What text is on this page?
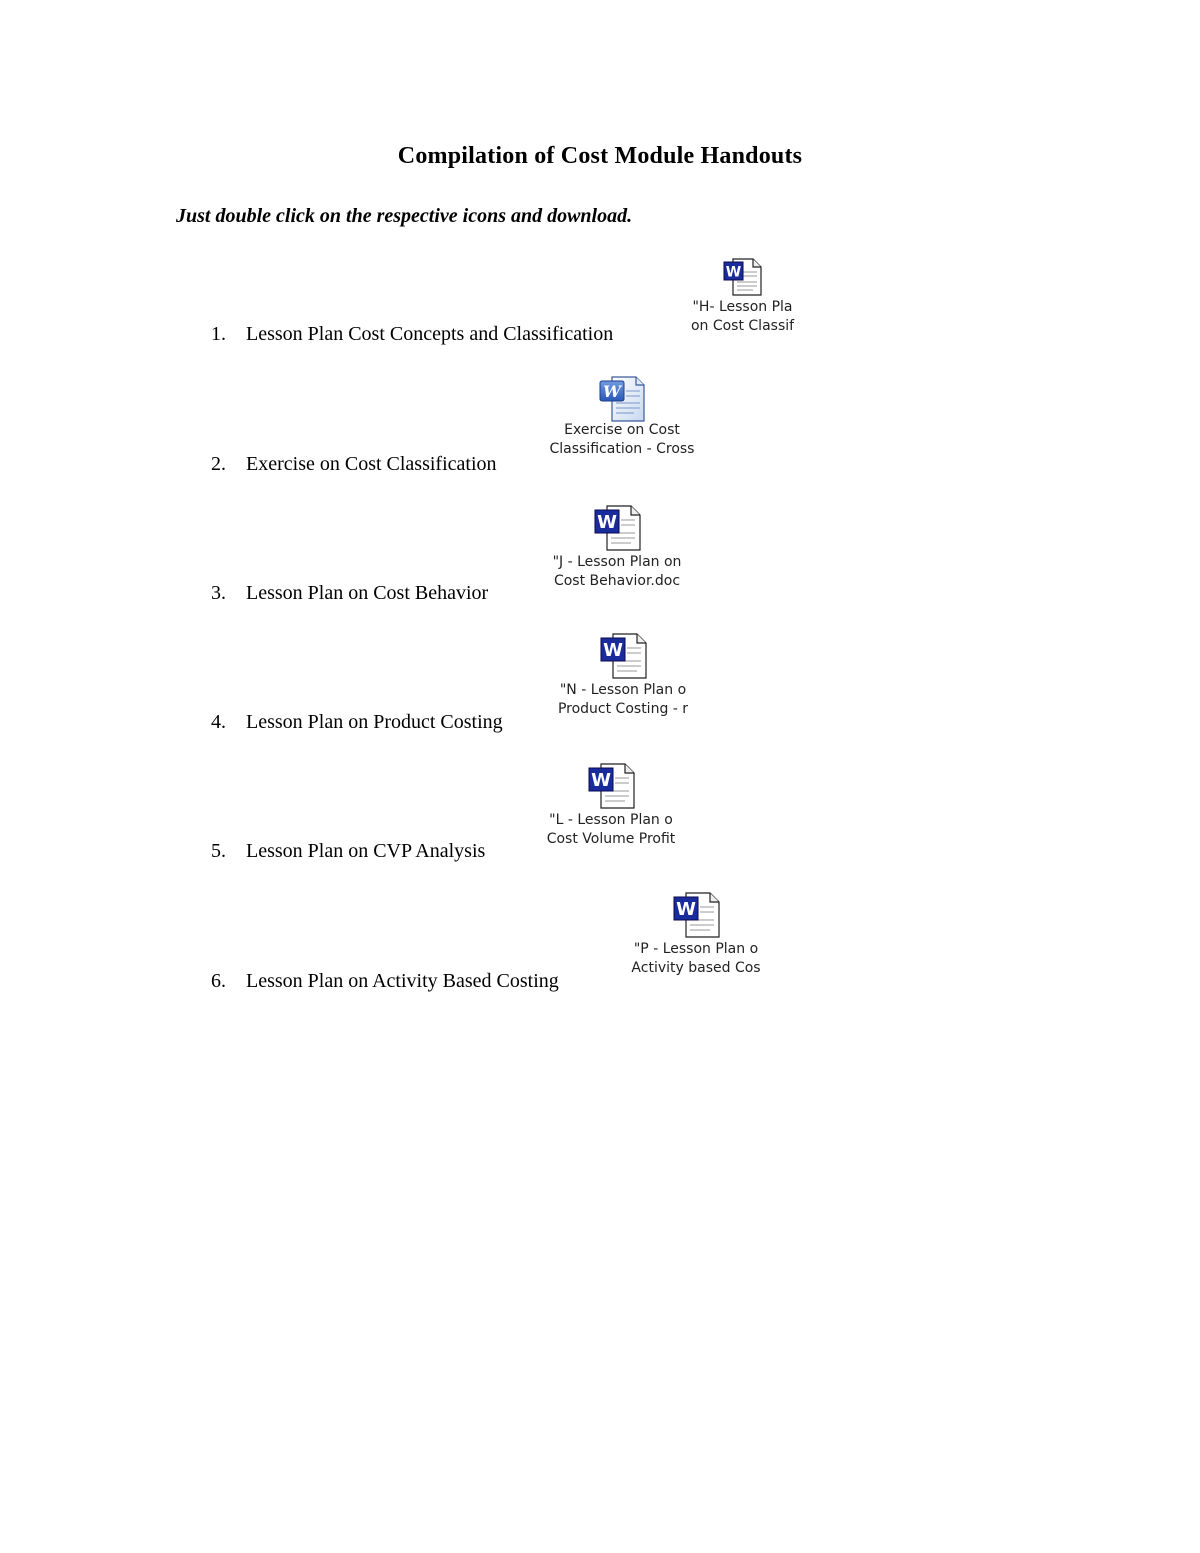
Compilation of Cost Module Handouts
Just double click on the respective icons and download.
1. Lesson Plan Cost Concepts and Classification
W
"H- Lesson Pla
on Cost Classif
2. Exercise on Cost Classification
W
Exercise on Cost
Classification - Cross
3. Lesson Plan on Cost Behavior
W
"J - Lesson Plan on
Cost Behavior.doc
4. Lesson Plan on Product Costing
W
"N - Lesson Plan o
Product Costing - r
5. Lesson Plan on CVP Analysis
W
"L - Lesson Plan o
Cost Volume Profit
6. Lesson Plan on Activity Based Costing
W
"P - Lesson Plan o
Activity based Cos
